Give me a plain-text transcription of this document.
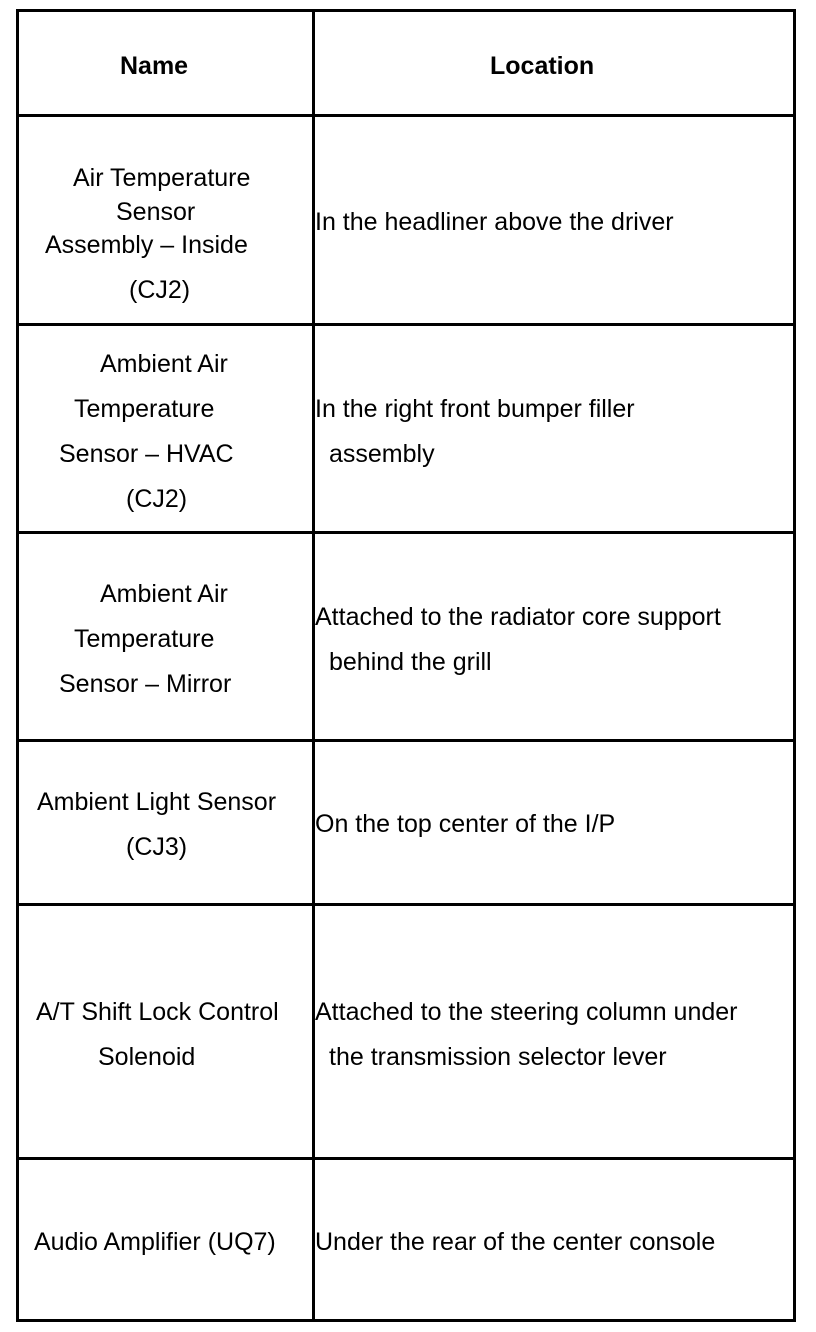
Name	Location
Air Temperature
Sensor
Assembly – Inside
(CJ2)
In the headliner above the driver
Ambient Air
Temperature
Sensor – HVAC
(CJ2)
In the right front bumper filler
assembly
Ambient Air
Temperature
Sensor – Mirror
Attached to the radiator core support
behind the grill
Ambient Light Sensor
(CJ3)
On the top center of the I/P
A/T Shift Lock Control
Solenoid
Attached to the steering column under
the transmission selector lever
Audio Amplifier (UQ7) Under the rear of the center console
